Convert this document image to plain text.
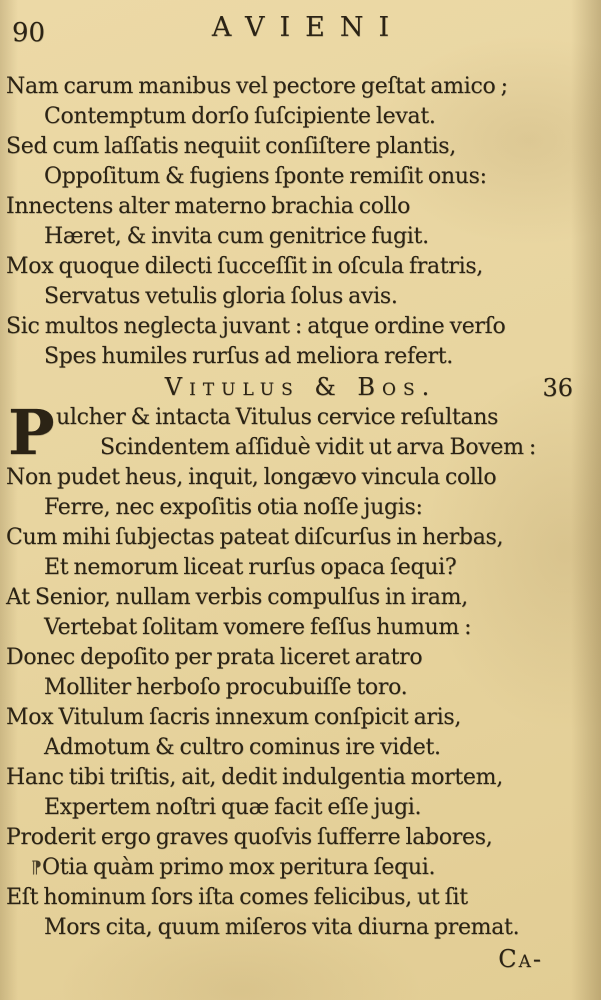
90	AVIENI
Nam carum manibus vel pectore geſtat amico ;
Contemptum dorſo ſuſcipiente levat.
Sed cum laſſatis nequiit conſiſtere plantis,
Oppoſitum & fugiens ſponte remiſit onus:
Innectens alter materno brachia collo
Hæret, & invita cum genitrice fugit.
Mox quoque dilecti ſucceſſit in oſcula fratris,
Servatus vetulis gloria ſolus avis.
Sic multos neglecta juvant : atque ordine verſo
Spes humiles rurſus ad meliora refert.
Vitulus & Bos.	36
P ulcher & intacta Vitulus cervice reſultans
Scindentem aſſiduè vidit ut arva Bovem :
Non pudet heus, inquit, longævo vincula collo
Ferre, nec expoſitis otia noſſe jugis:
Cum mihi ſubjectas pateat diſcurſus in herbas,
Et nemorum liceat rurſus opaca ſequi?
At Senior, nullam verbis compulſus in iram,
Vertebat ſolitam vomere feſſus humum :
Donec depoſito per prata liceret aratro
Molliter herboſo procubuiſſe toro.
Mox Vitulum ſacris innexum conſpicit aris,
Admotum & cultro cominus ire videt.
Hanc tibi triſtis, ait, dedit indulgentia mortem,
Expertem noſtri quæ facit eſſe jugi.
Proderit ergo graves quoſvis ſufferre labores,
¶Otia quàm primo mox peritura ſequi.
Eſt hominum ſors iſta comes felicibus, ut ſit
Mors cita, quum miſeros vita diurna premat.
Ca-
